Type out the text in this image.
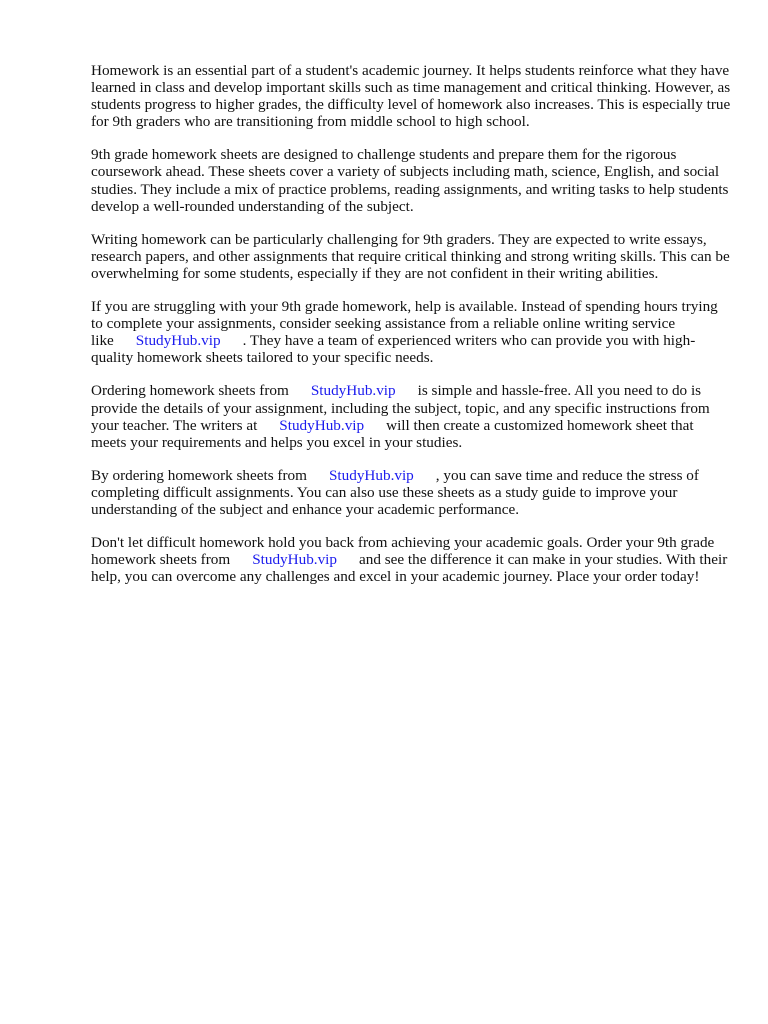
Homework is an essential part of a student's academic journey. It helps students reinforce what they have learned in class and develop important skills such as time management and critical thinking. However, as students progress to higher grades, the difficulty level of homework also increases. This is especially true for 9th graders who are transitioning from middle school to high school.

9th grade homework sheets are designed to challenge students and prepare them for the rigorous coursework ahead. These sheets cover a variety of subjects including math, science, English, and social studies. They include a mix of practice problems, reading assignments, and writing tasks to help students develop a well-rounded understanding of the subject.

Writing homework can be particularly challenging for 9th graders. They are expected to write essays, research papers, and other assignments that require critical thinking and strong writing skills. This can be overwhelming for some students, especially if they are not confident in their writing abilities.

If you are struggling with your 9th grade homework, help is available. Instead of spending hours trying to complete your assignments, consider seeking assistance from a reliable online writing service like StudyHub.vip . They have a team of experienced writers who can provide you with high-quality homework sheets tailored to your specific needs.

Ordering homework sheets from StudyHub.vip is simple and hassle-free. All you need to do is provide the details of your assignment, including the subject, topic, and any specific instructions from your teacher. The writers at StudyHub.vip will then create a customized homework sheet that meets your requirements and helps you excel in your studies.

By ordering homework sheets from StudyHub.vip , you can save time and reduce the stress of completing difficult assignments. You can also use these sheets as a study guide to improve your understanding of the subject and enhance your academic performance.

Don't let difficult homework hold you back from achieving your academic goals. Order your 9th grade homework sheets from StudyHub.vip and see the difference it can make in your studies. With their help, you can overcome any challenges and excel in your academic journey. Place your order today!
